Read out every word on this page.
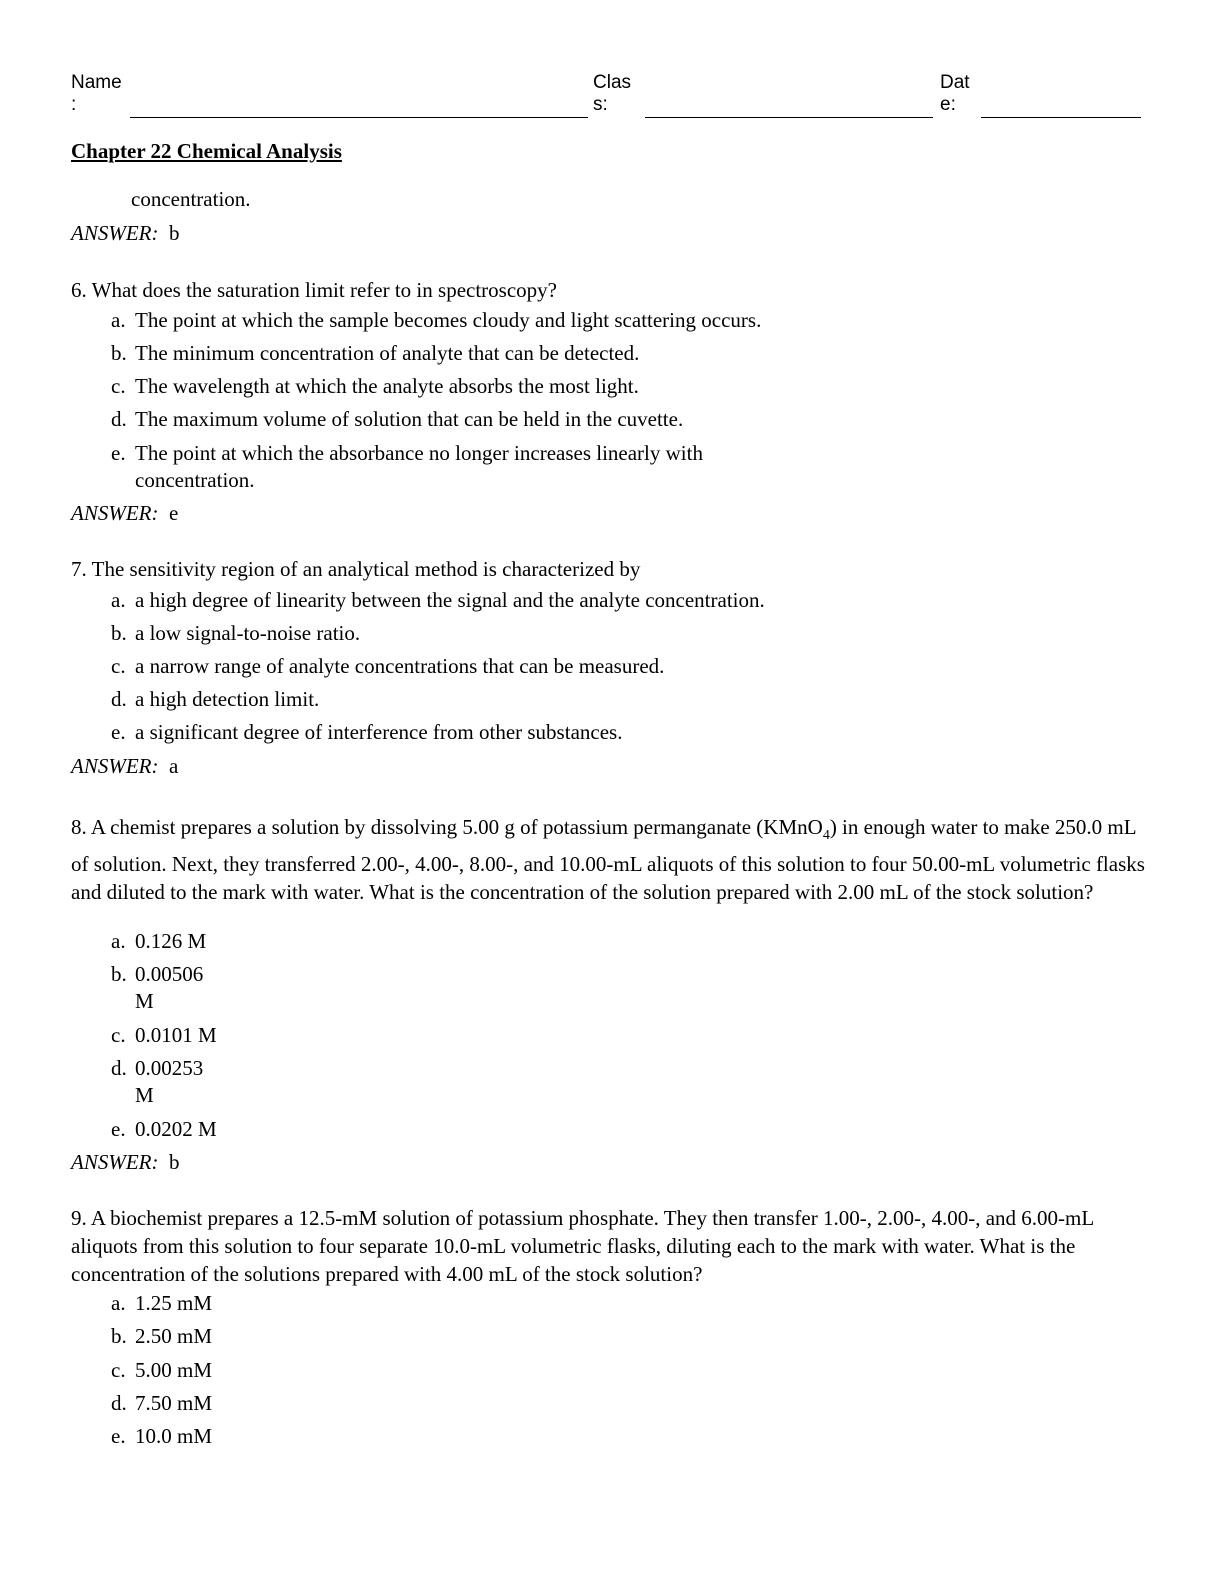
Name
:
Clas
s:
Dat
e:
Chapter 22 Chemical Analysis
concentration.
ANSWER: b
6. What does the saturation limit refer to in spectroscopy?
a. The point at which the sample becomes cloudy and light scattering occurs.
b. The minimum concentration of analyte that can be detected.
c. The wavelength at which the analyte absorbs the most light.
d. The maximum volume of solution that can be held in the cuvette.
e. The point at which the absorbance no longer increases linearly with
concentration.
ANSWER: e
7. The sensitivity region of an analytical method is characterized by
a. a high degree of linearity between the signal and the analyte concentration.
b. a low signal-to-noise ratio.
c. a narrow range of analyte concentrations that can be measured.
d. a high detection limit.
e. a significant degree of interference from other substances.
ANSWER: a
8. A chemist prepares a solution by dissolving 5.00 g of potassium permanganate (KMnO$_4$) in enough water to make 250.0 mL of solution. Next, they transferred 2.00-, 4.00-, 8.00-, and 10.00-mL aliquots of this solution to four 50.00-mL volumetric flasks and diluted to the mark with water. What is the concentration of the solution prepared with 2.00 mL of the stock solution?
a. 0.126 M
b. 0.00506
M
c. 0.0101 M
d. 0.00253
M
e. 0.0202 M
ANSWER: b
9. A biochemist prepares a 12.5-mM solution of potassium phosphate. They then transfer 1.00-, 2.00-, 4.00-, and 6.00-mL aliquots from this solution to four separate 10.0-mL volumetric flasks, diluting each to the mark with water. What is the concentration of the solutions prepared with 4.00 mL of the stock solution?
a. 1.25 mM
b. 2.50 mM
c. 5.00 mM
d. 7.50 mM
e. 10.0 mM
